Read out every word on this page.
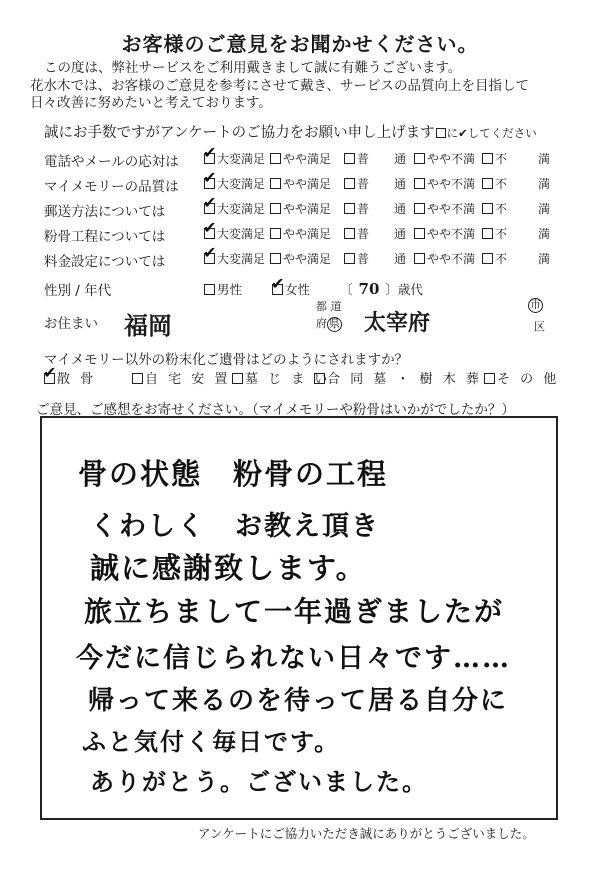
お客様のご意見をお聞かせください。
この度は、弊社サービスをご利用戴きまして誠に有難うございます。
花水木では、お客様のご意見を参考にさせて戴き、サービスの品質向上を目指して
日々改善に努めたいと考えております。
誠にお手数ですがアンケートのご協力をお願い申し上げます に✔してください
電話やメールの応対は ✔ 大変満足	やや満足	普 通	やや不満	不	満
マイメモリーの品質は ✔ 大変満足	やや満足	普 通	やや不満	不	満
郵送方法については ✔ 大変満足	やや満足	普 通	やや不満	不	満
粉骨工程については ✔ 大変満足	やや満足	普 通	やや不満	不	満
料金設定については ✔ 大変満足	やや満足	普 通	やや不満	不	満
性別 / 年代	男性 ✔ 女性 〔 70 〕歳代
お住まい 福岡
都 道
府 県 太宰府
市
区
マイメモリー以外の粉末化ご遺骨はどのようにされますか？
✔
散 骨	自 宅 安 置	墓 じ ま い
合 同 墓 ・ 樹 木 葬	そ の 他
ご意見、ご感想をお寄せください。（マイメモリーや粉骨はいかがでしたか？）
骨の状態　粉骨の工程
くわしく　お教え頂き
誠に感謝致します。
旅立ちまして一年過ぎましたが
今だに信じられない日々です……
帰って来るのを待って居る自分に
ふと気付く毎日です。
ありがとう。ございました。
アンケートにご協力いただき誠にありがとうございました。
